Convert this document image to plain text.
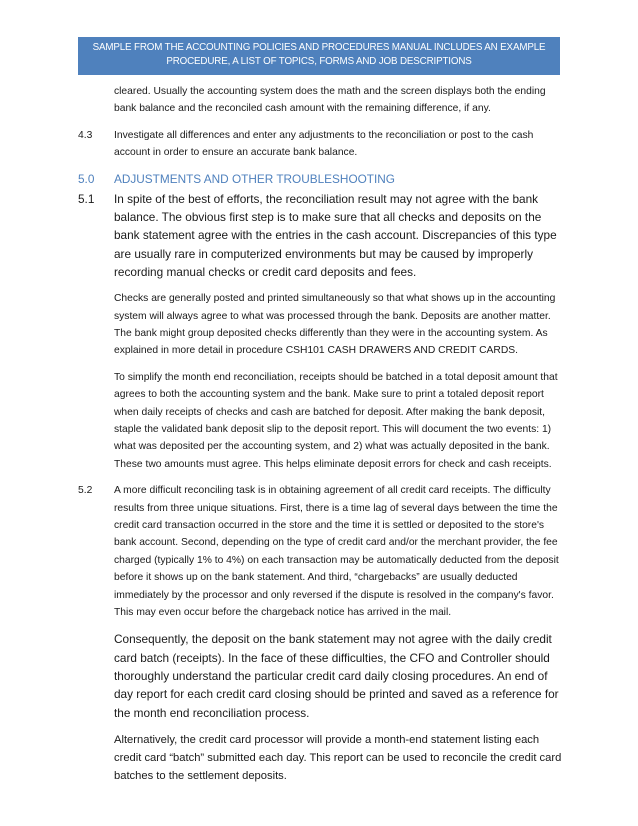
SAMPLE FROM THE ACCOUNTING POLICIES AND PROCEDURES MANUAL INCLUDES AN EXAMPLE
PROCEDURE, A LIST OF TOPICS, FORMS AND JOB DESCRIPTIONS
cleared. Usually the accounting system does the math and the screen displays both the ending bank balance and the reconciled cash amount with the remaining difference, if any.
4.3 Investigate all differences and enter any adjustments to the reconciliation or post to the cash account in order to ensure an accurate bank balance.
5.0 ADJUSTMENTS AND OTHER TROUBLESHOOTING
5.1 In spite of the best of efforts, the reconciliation result may not agree with the bank balance. The obvious first step is to make sure that all checks and deposits on the bank statement agree with the entries in the cash account. Discrepancies of this type are usually rare in computerized environments but may be caused by improperly recording manual checks or credit card deposits and fees.
Checks are generally posted and printed simultaneously so that what shows up in the accounting system will always agree to what was processed through the bank. Deposits are another matter. The bank might group deposited checks differently than they were in the accounting system. As explained in more detail in procedure CSH101 CASH DRAWERS AND CREDIT CARDS.
To simplify the month end reconciliation, receipts should be batched in a total deposit amount that agrees to both the accounting system and the bank. Make sure to print a totaled deposit report when daily receipts of checks and cash are batched for deposit. After making the bank deposit, staple the validated bank deposit slip to the deposit report. This will document the two events: 1) what was deposited per the accounting system, and 2) what was actually deposited in the bank. These two amounts must agree. This helps eliminate deposit errors for check and cash receipts.
5.2 A more difficult reconciling task is in obtaining agreement of all credit card receipts. The difficulty results from three unique situations. First, there is a time lag of several days between the time the credit card transaction occurred in the store and the time it is settled or deposited to the store's bank account. Second, depending on the type of credit card and/or the merchant provider, the fee charged (typically 1% to 4%) on each transaction may be automatically deducted from the deposit before it shows up on the bank statement. And third, “chargebacks” are usually deducted immediately by the processor and only reversed if the dispute is resolved in the company's favor. This may even occur before the chargeback notice has arrived in the mail.
Consequently, the deposit on the bank statement may not agree with the daily credit card batch (receipts). In the face of these difficulties, the CFO and Controller should thoroughly understand the particular credit card daily closing procedures. An end of day report for each credit card closing should be printed and saved as a reference for the month end reconciliation process.
Alternatively, the credit card processor will provide a month-end statement listing each credit card “batch” submitted each day. This report can be used to reconcile the credit card batches to the settlement deposits.
